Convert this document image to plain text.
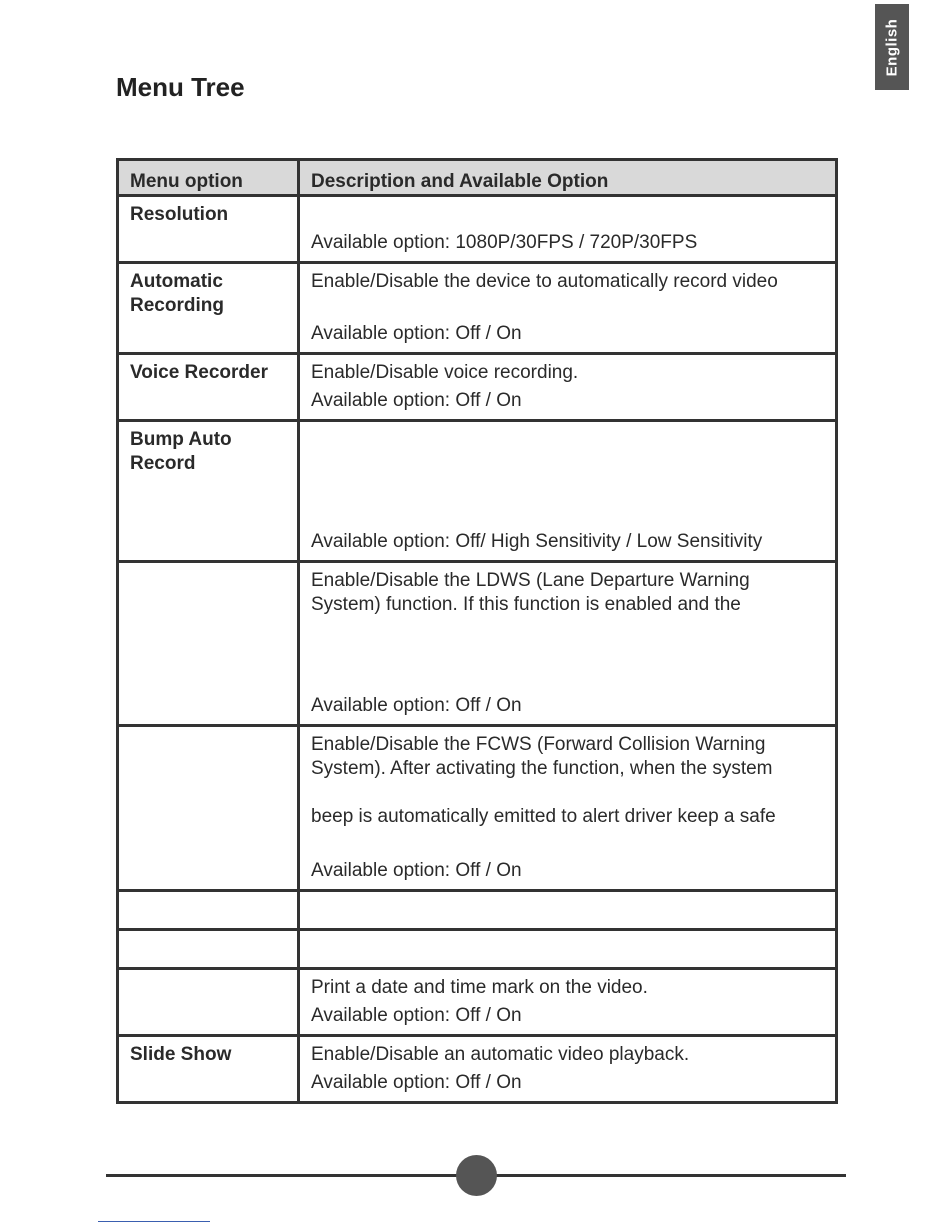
English
Menu Tree
Menu option	Description and Available Option
Resolution	Available option: 1080P/30FPS / 720P/30FPS

Automatic Recording	Enable/Disable the device to automatically record video
Available option: Off / On

Voice Recorder	Enable/Disable voice recording.
Available option: Off / On

Bump Auto Record	Available option: Off/ High Sensitivity / Low Sensitivity

	Enable/Disable the LDWS (Lane Departure Warning
System) function. If this function is enabled and the
Available option: Off / On

	Enable/Disable the FCWS (Forward Collision Warning
System). After activating the function, when the system
beep is automatically emitted to alert driver keep a safe
Available option: Off / On

	Print a date and time mark on the video.
Available option: Off / On

Slide Show	Enable/Disable an automatic video playback.
Available option: Off / On
